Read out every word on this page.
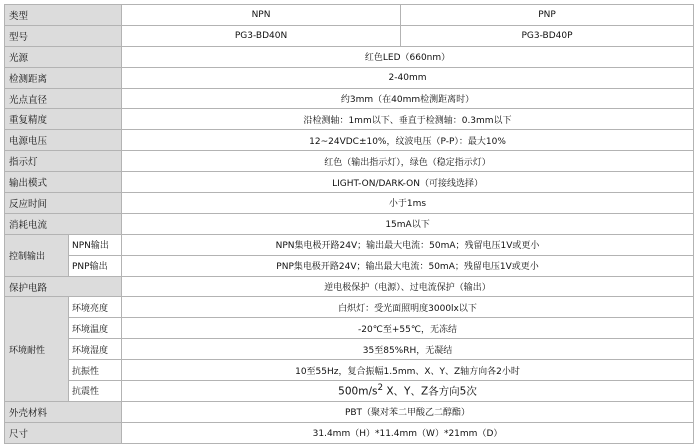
类型		NPN	PNP
型号		PG3-BD40N	PG3-BD40P
光源		红色LED（660nm）	
检测距离		2-40mm	
光点直径		约3mm（在40mm检测距离时）	
重复精度		沿检测轴：1mm以下、垂直于检测轴：0.3mm以下	
电源电压		12~24VDC±10%，纹波电压（P-P）：最大10%	
指示灯		红色（输出指示灯），绿色（稳定指示灯）	
输出模式		LIGHT-ON/DARK-ON（可接线选择）	
反应时间		小于1ms	
消耗电流		15mA以下	
控制输出	NPN输出	NPN集电极开路24V；输出最大电流：50mA；残留电压1V或更小	
	PNP输出	PNP集电极开路24V；输出最大电流：50mA；残留电压1V或更小	
保护电路		逆电极保护（电源）、过电流保护（输出）	
环境耐性	环境亮度	白炽灯：受光面照明度3000lx以下	
	环境温度	-20℃至+55℃，无冻结	
	环境湿度	35至85%RH，无凝结	
	抗振性	10至55Hz，复合振幅1.5mm、X、Y、Z轴方向各2小时	
	抗震性	$500m/s^2$ X、Y、Z各方向5次	
外壳材料		PBT（聚对苯二甲酸乙二醇酯）	
尺寸		31.4mm（H）*11.4mm（W）*21mm（D）	
